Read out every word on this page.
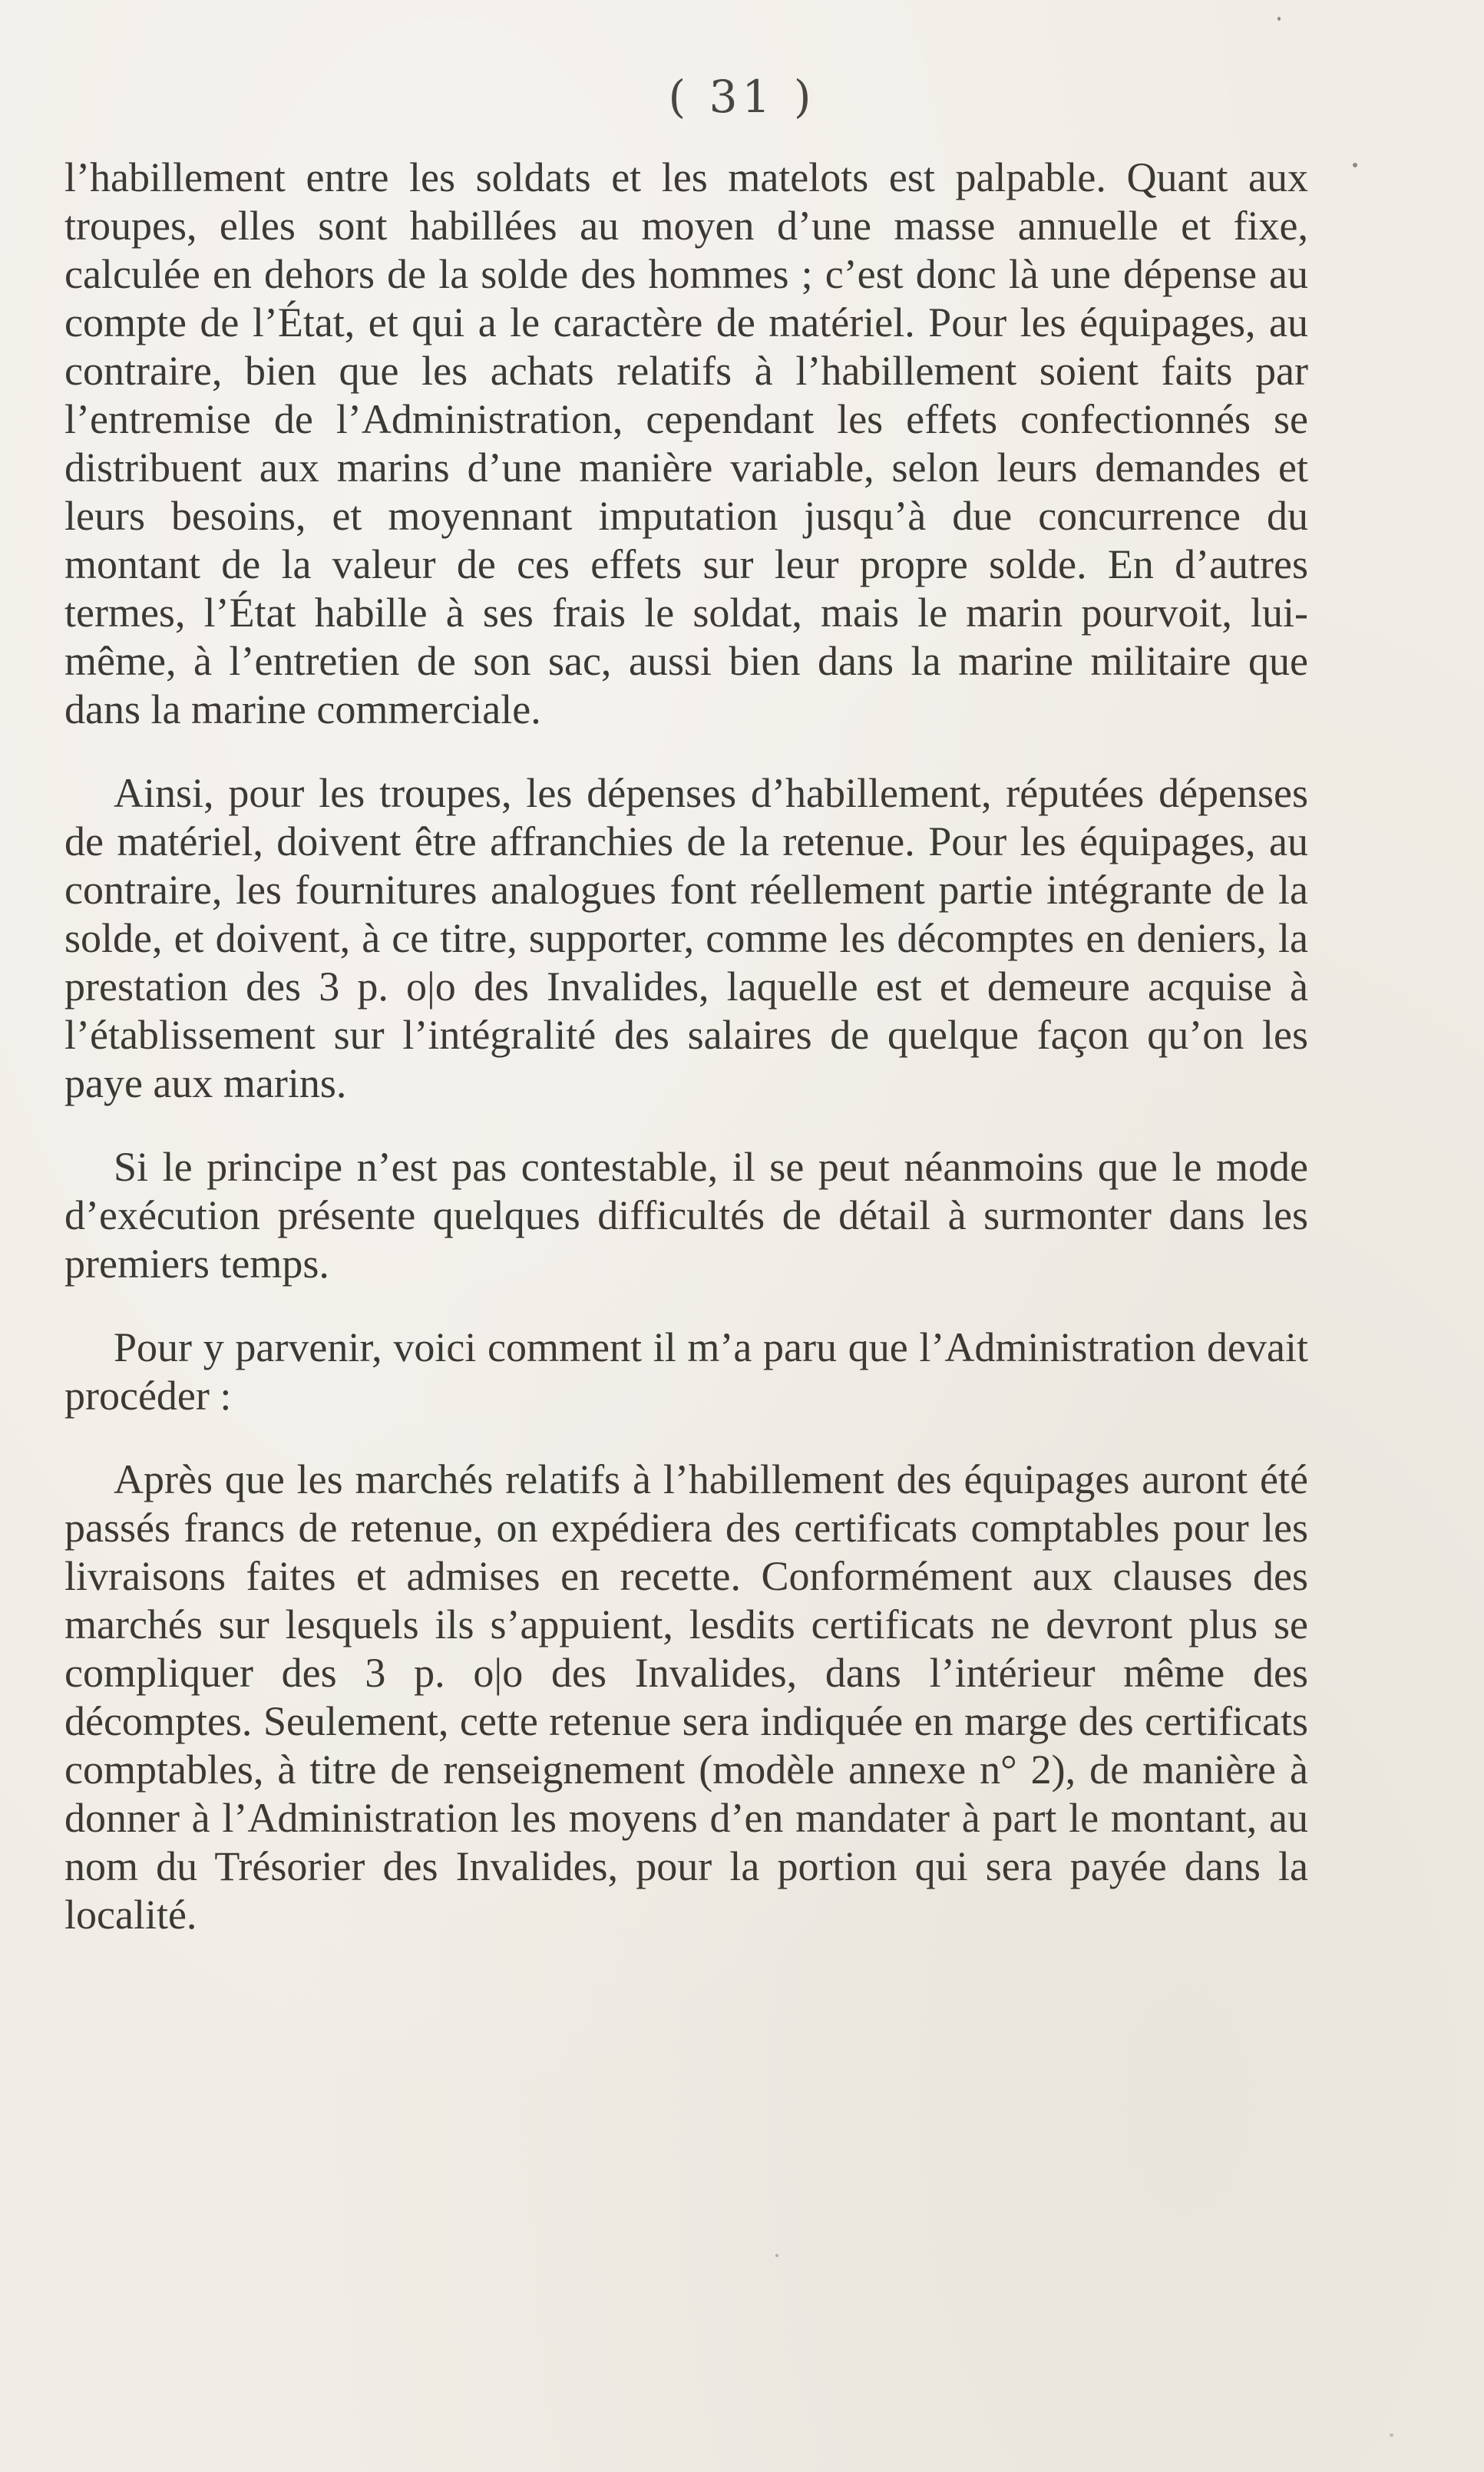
( 31 )

l’habillement entre les soldats et les matelots est palpable. Quant aux troupes, elles sont habillées au moyen d’une masse annuelle et fixe, calculée en dehors de la solde des hommes ; c’est donc là une dépense au compte de l’État, et qui a le caractère de matériel. Pour les équipages, au contraire, bien que les achats relatifs à l’habillement soient faits par l’entremise de l’Administration, cependant les effets confectionnés se distribuent aux marins d’une manière variable, selon leurs demandes et leurs besoins, et moyennant imputation jusqu’à due concurrence du montant de la valeur de ces effets sur leur propre solde. En d’autres termes, l’État habille à ses frais le soldat, mais le marin pourvoit, lui-même, à l’entretien de son sac, aussi bien dans la marine militaire que dans la marine commerciale.

Ainsi, pour les troupes, les dépenses d’habillement, réputées dépenses de matériel, doivent être affranchies de la retenue. Pour les équipages, au contraire, les fournitures analogues font réellement partie intégrante de la solde, et doivent, à ce titre, supporter, comme les décomptes en deniers, la prestation des 3 p. o|o des Invalides, laquelle est et demeure acquise à l’établissement sur l’intégralité des salaires de quelque façon qu’on les paye aux marins.

Si le principe n’est pas contestable, il se peut néanmoins que le mode d’exécution présente quelques difficultés de détail à surmonter dans les premiers temps.

Pour y parvenir, voici comment il m’a paru que l’Administration devait procéder :

Après que les marchés relatifs à l’habillement des équipages auront été passés francs de retenue, on expédiera des certificats comptables pour les livraisons faites et admises en recette. Conformément aux clauses des marchés sur lesquels ils s’appuient, lesdits certificats ne devront plus se compliquer des 3 p. o|o des Invalides, dans l’intérieur même des décomptes. Seulement, cette retenue sera indiquée en marge des certificats comptables, à titre de renseignement (modèle annexe n° 2), de manière à donner à l’Administration les moyens d’en mandater à part le montant, au nom du Trésorier des Invalides, pour la portion qui sera payée dans la localité.
